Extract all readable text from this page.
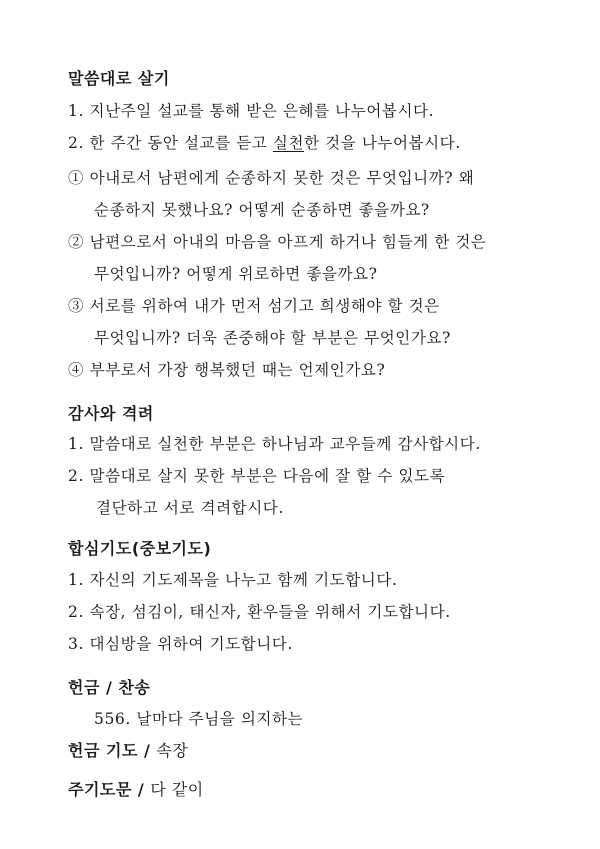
말씀대로 살기
1. 지난주일 설교를 통해 받은 은혜를 나누어봅시다.
2. 한 주간 동안 설교를 듣고 실천한 것을 나누어봅시다.
① 아내로서 남편에게 순종하지 못한 것은 무엇입니까? 왜
순종하지 못했나요? 어떻게 순종하면 좋을까요?
② 남편으로서 아내의 마음을 아프게 하거나 힘들게 한 것은
무엇입니까? 어떻게 위로하면 좋을까요?
③ 서로를 위하여 내가 먼저 섬기고 희생해야 할 것은
무엇입니까? 더욱 존중해야 할 부분은 무엇인가요?
④ 부부로서 가장 행복했던 때는 언제인가요?
감사와 격려
1. 말씀대로 실천한 부분은 하나님과 교우들께 감사합시다.
2. 말씀대로 살지 못한 부분은 다음에 잘 할 수 있도록
결단하고 서로 격려합시다.
합심기도(중보기도)
1. 자신의 기도제목을 나누고 함께 기도합니다.
2. 속장, 섬김이, 태신자, 환우들을 위해서 기도합니다.
3. 대심방을 위하여 기도합니다.
헌금 / 찬송
556. 날마다 주님을 의지하는
헌금 기도 / 속장
주기도문 / 다 같이
